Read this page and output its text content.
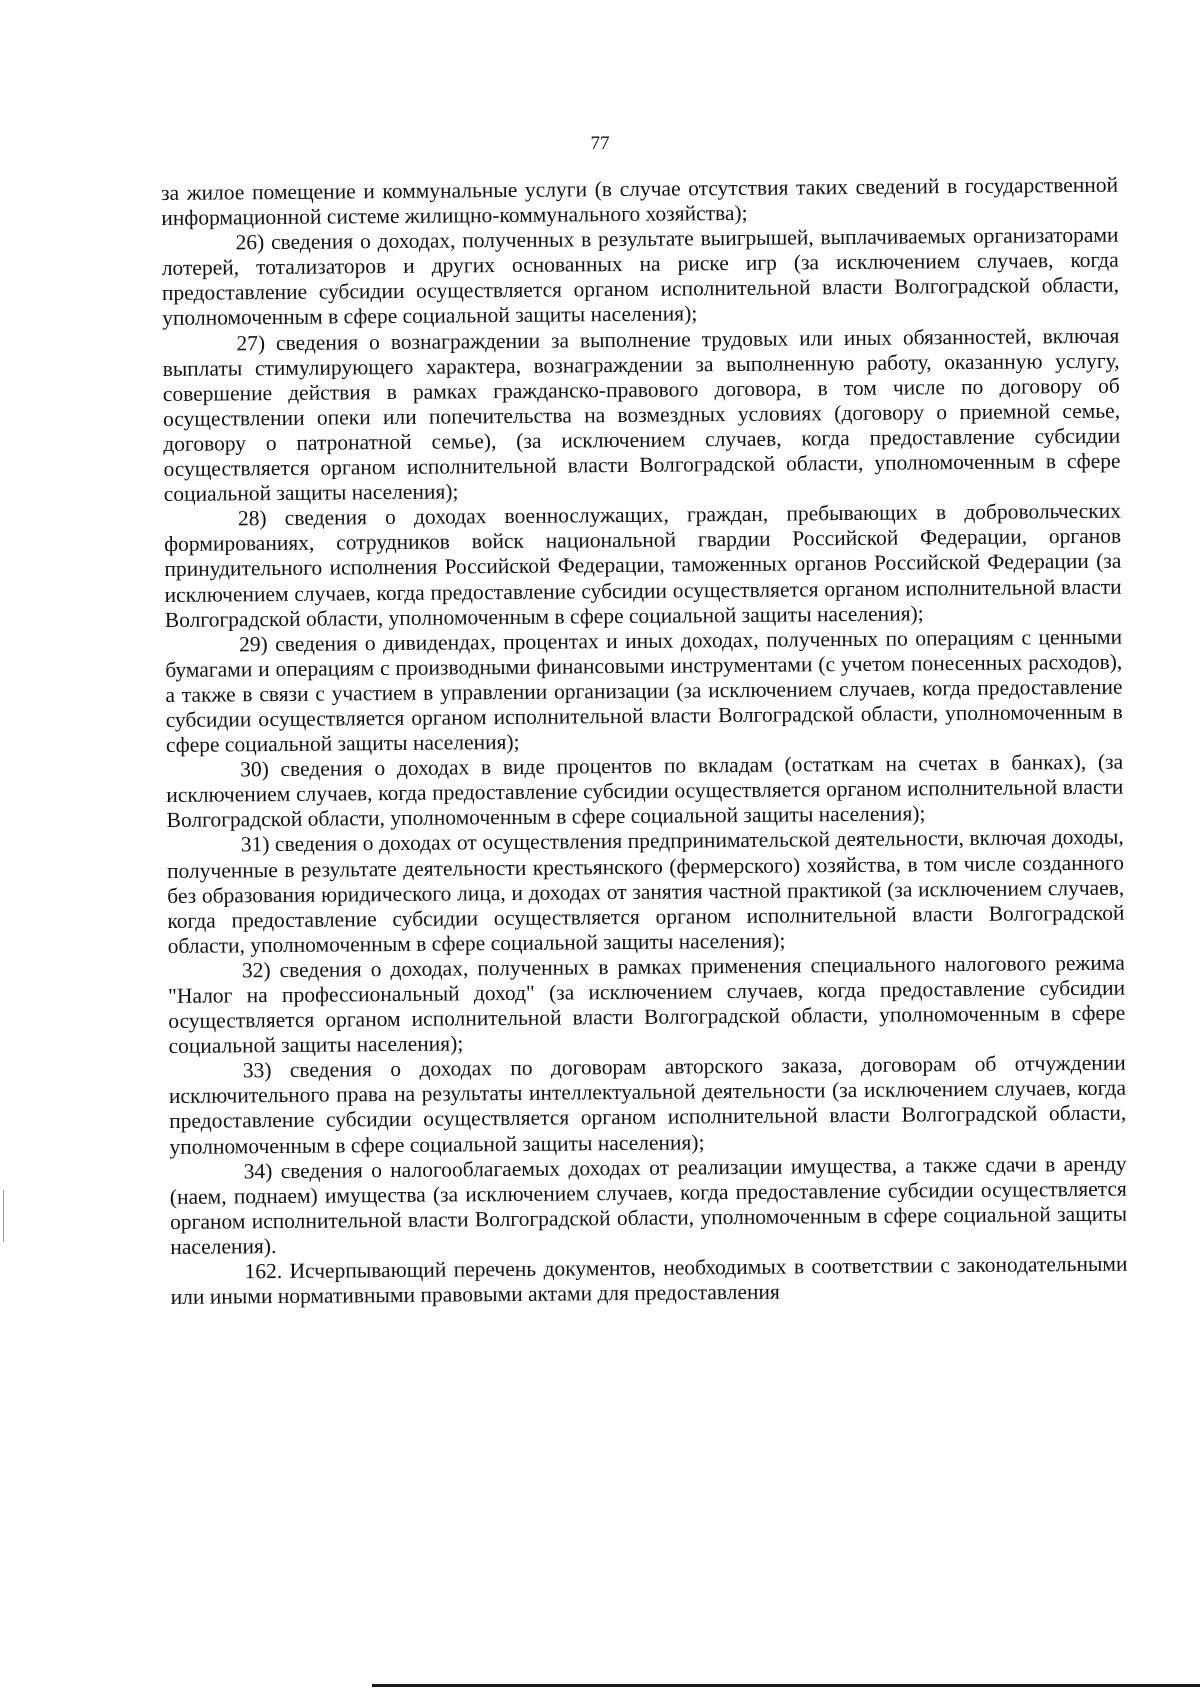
77

за жилое помещение и коммунальные услуги (в случае отсутствия таких сведений в государственной информационной системе жилищно-коммунального хозяйства);

26) сведения о доходах, полученных в результате выигрышей, выплачиваемых организаторами лотерей, тотализаторов и других основанных на риске игр (за исключением случаев, когда предоставление субсидии осуществляется органом исполнительной власти Волгоградской области, уполномоченным в сфере социальной защиты населения);

27) сведения о вознаграждении за выполнение трудовых или иных обязанностей, включая выплаты стимулирующего характера, вознаграждении за выполненную работу, оказанную услугу, совершение действия в рамках гражданско-правового договора, в том числе по договору об осуществлении опеки или попечительства на возмездных условиях (договору о приемной семье, договору о патронатной семье), (за исключением случаев, когда предоставление субсидии осуществляется органом исполнительной власти Волгоградской области, уполномоченным в сфере социальной защиты населения);

28) сведения о доходах военнослужащих, граждан, пребывающих в добровольческих формированиях, сотрудников войск национальной гвардии Российской Федерации, органов принудительного исполнения Российской Федерации, таможенных органов Российской Федерации (за исключением случаев, когда предоставление субсидии осуществляется органом исполнительной власти Волгоградской области, уполномоченным в сфере социальной защиты населения);

29) сведения о дивидендах, процентах и иных доходах, полученных по операциям с ценными бумагами и операциям с производными финансовыми инструментами (с учетом понесенных расходов), а также в связи с участием в управлении организации (за исключением случаев, когда предоставление субсидии осуществляется органом исполнительной власти Волгоградской области, уполномоченным в сфере социальной защиты населения);

30) сведения о доходах в виде процентов по вкладам (остаткам на счетах в банках), (за исключением случаев, когда предоставление субсидии осуществляется органом исполнительной власти Волгоградской области, уполномоченным в сфере социальной защиты населения);

31) сведения о доходах от осуществления предпринимательской деятельности, включая доходы, полученные в результате деятельности крестьянского (фермерского) хозяйства, в том числе созданного без образования юридического лица, и доходах от занятия частной практикой (за исключением случаев, когда предоставление субсидии осуществляется органом исполнительной власти Волгоградской области, уполномоченным в сфере социальной защиты населения);

32) сведения о доходах, полученных в рамках применения специального налогового режима "Налог на профессиональный доход" (за исключением случаев, когда предоставление субсидии осуществляется органом исполнительной власти Волгоградской области, уполномоченным в сфере социальной защиты населения);

33) сведения о доходах по договорам авторского заказа, договорам об отчуждении исключительного права на результаты интеллектуальной деятельности (за исключением случаев, когда предоставление субсидии осуществляется органом исполнительной власти Волгоградской области, уполномоченным в сфере социальной защиты населения);

34) сведения о налогооблагаемых доходах от реализации имущества, а также сдачи в аренду (наем, поднаем) имущества (за исключением случаев, когда предоставление субсидии осуществляется органом исполнительной власти Волгоградской области, уполномоченным в сфере социальной защиты населения).

162. Исчерпывающий перечень документов, необходимых в соответствии с законодательными или иными нормативными правовыми актами для предоставления
